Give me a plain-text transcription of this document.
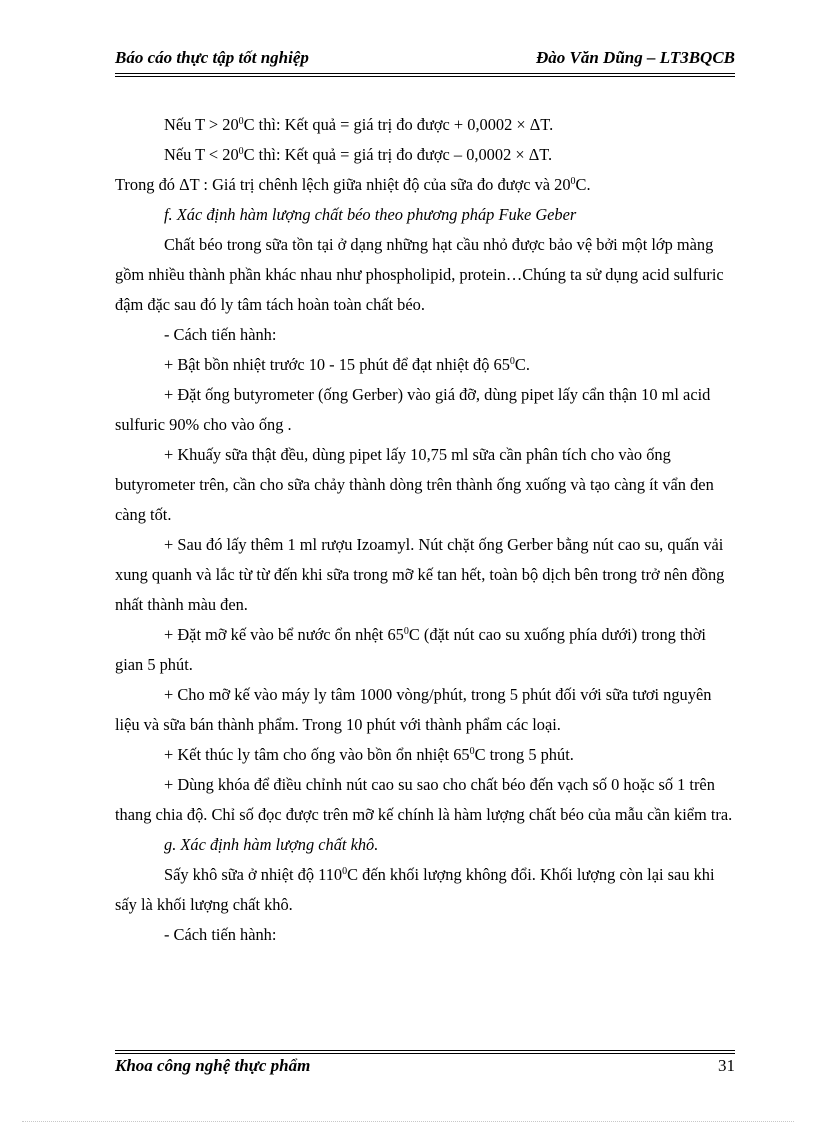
Báo cáo thực tập tốt nghiệp	Đào Văn Dũng – LT3BQCB

Nếu $T > 20^0C$ thì: Kết quả = giá trị đo được + 0,0002 × ΔT.

Nếu $T < 20^0C$ thì: Kết quả = giá trị đo được – 0,0002 × ΔT.

Trong đó ΔT : Giá trị chênh lệch giữa nhiệt độ của sữa đo được và $20^0C$.

f. Xác định hàm lượng chất béo theo phương pháp Fuke Geber

Chất béo trong sữa tồn tại ở dạng những hạt cầu nhỏ được bảo vệ bởi một lớp màng gồm nhiều thành phần khác nhau như phospholipid, protein…Chúng ta sử dụng acid sulfuric đậm đặc sau đó ly tâm tách hoàn toàn chất béo.

- Cách tiến hành:

+ Bật bồn nhiệt trước 10 - 15 phút để đạt nhiệt độ $65^0C$.

+ Đặt ống butyrometer (ống Gerber) vào giá đỡ, dùng pipet lấy cẩn thận 10 ml acid sulfuric 90% cho vào ống .

+ Khuấy sữa thật đều, dùng pipet lấy 10,75 ml sữa cần phân tích cho vào ống butyrometer trên, cần cho sữa chảy thành dòng trên thành ống xuống và tạo càng ít vẩn đen càng tốt.

+ Sau đó lấy thêm 1 ml rượu Izoamyl. Nút chặt ống Gerber bằng nút cao su, quấn vải xung quanh và lắc từ từ đến khi sữa trong mỡ kế tan hết, toàn bộ dịch bên trong trở nên đồng nhất thành màu đen.

+ Đặt mỡ kế vào bể nước ổn nhệt $65^0C$ (đặt nút cao su xuống phía dưới) trong thời gian 5 phút.

+ Cho mỡ kế vào máy ly tâm 1000 vòng/phút, trong 5 phút đối với sữa tươi nguyên liệu và sữa bán thành phẩm. Trong 10 phút với thành phẩm các loại.

+ Kết thúc ly tâm cho ống vào bồn ổn nhiệt $65^0C$ trong 5 phút.

+ Dùng khóa để điều chỉnh nút cao su sao cho chất béo đến vạch số 0 hoặc số 1 trên thang chia độ. Chỉ số đọc được trên mỡ kế chính là hàm lượng chất béo của mẫu cần kiểm tra.

g. Xác định hàm lượng chất khô.

Sấy khô sữa ở nhiệt độ $110^0C$ đến khối lượng không đổi. Khối lượng còn lại sau khi sấy là khối lượng chất khô.

- Cách tiến hành:

Khoa công nghệ thực phẩm	31
